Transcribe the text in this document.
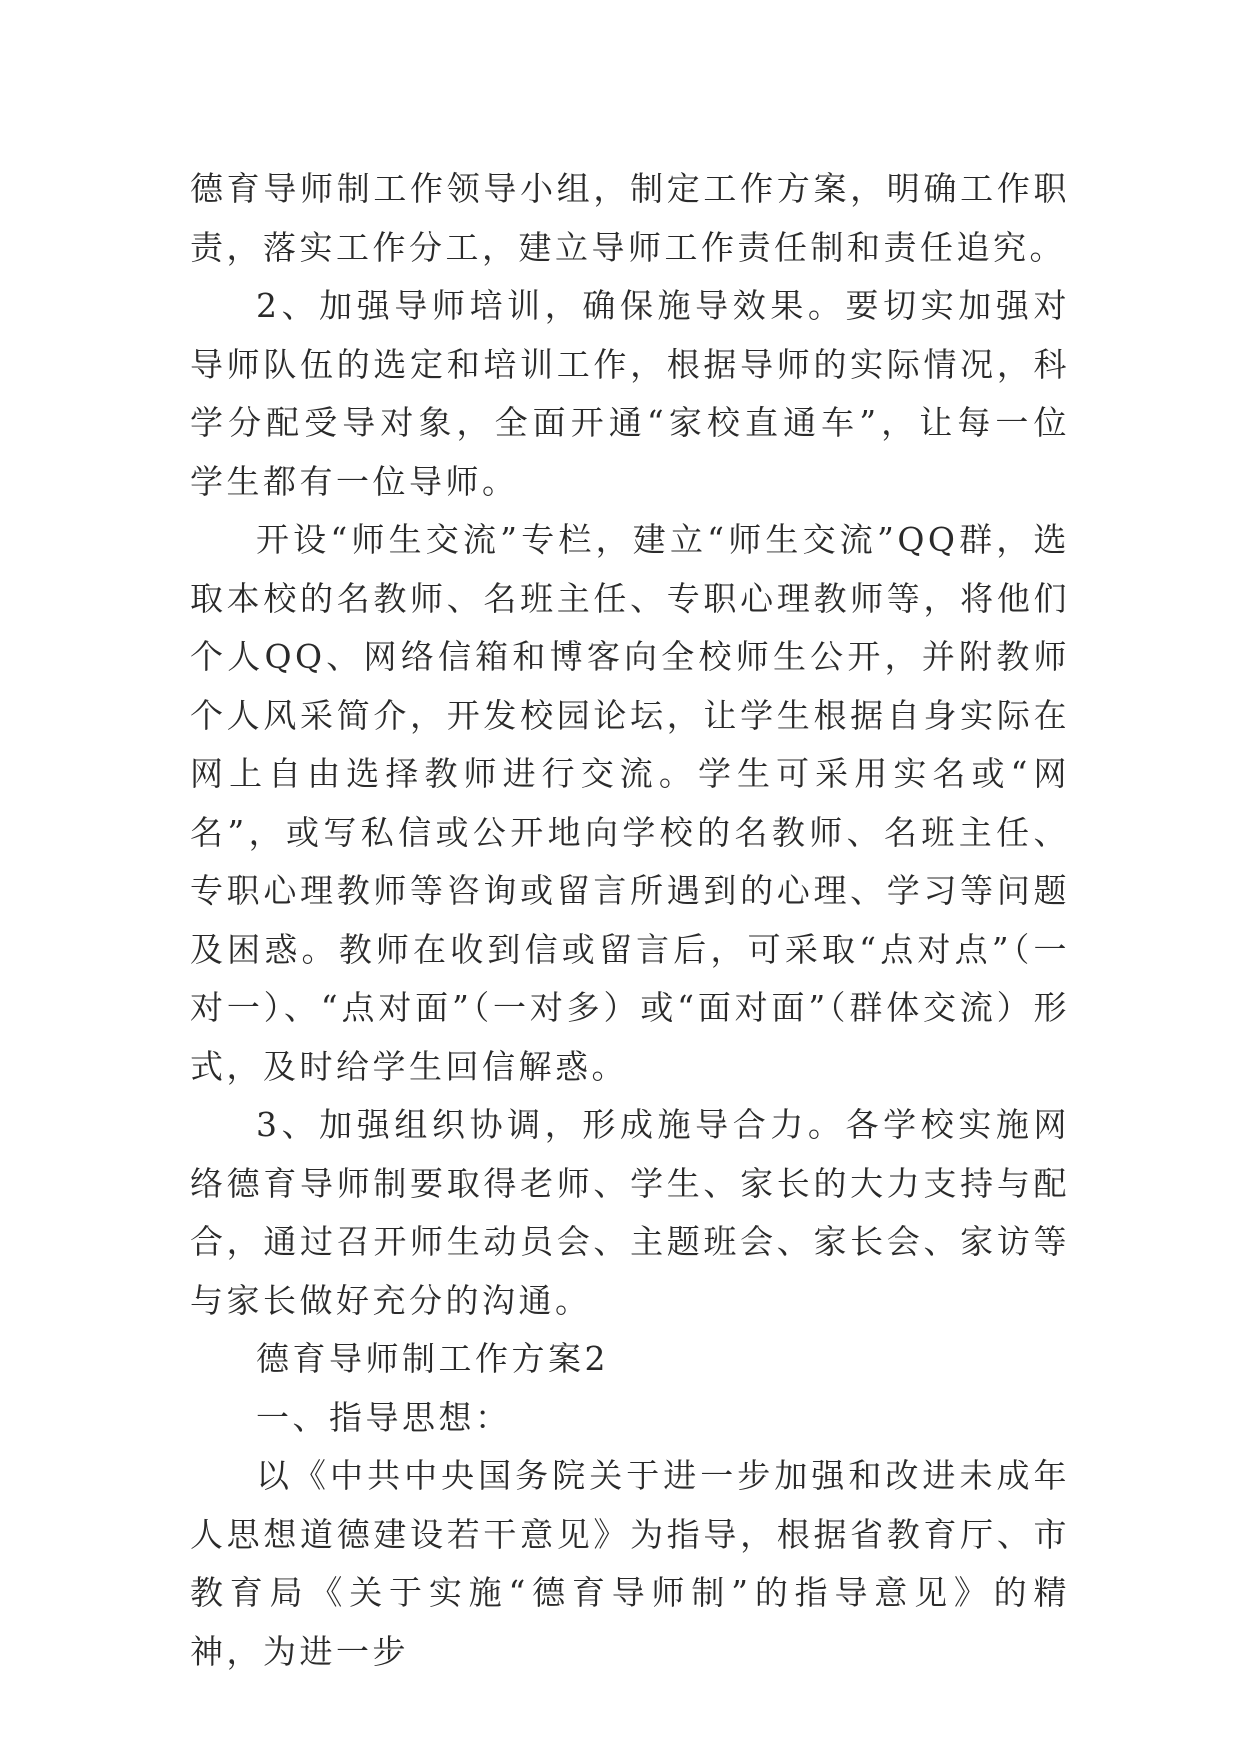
德育导师制工作领导小组，制定工作方案，明确工作职责，落实工作分工，建立导师工作责任制和责任追究。

2、加强导师培训，确保施导效果。要切实加强对导师队伍的选定和培训工作，根据导师的实际情况，科学分配受导对象，全面开通“家校直通车”，让每一位学生都有一位导师。

开设“师生交流”专栏，建立“师生交流”QQ群，选取本校的名教师、名班主任、专职心理教师等，将他们个人QQ、网络信箱和博客向全校师生公开，并附教师个人风采简介，开发校园论坛，让学生根据自身实际在网上自由选择教师进行交流。学生可采用实名或“网名”，或写私信或公开地向学校的名教师、名班主任、专职心理教师等咨询或留言所遇到的心理、学习等问题及困惑。教师在收到信或留言后，可采取“点对点”（一对一）、“点对面”（一对多）或“面对面”（群体交流）形式，及时给学生回信解惑。

3、加强组织协调，形成施导合力。各学校实施网络德育导师制要取得老师、学生、家长的大力支持与配合，通过召开师生动员会、主题班会、家长会、家访等与家长做好充分的沟通。

德育导师制工作方案2

一、指导思想：

以《中共中央国务院关于进一步加强和改进未成年人思想道德建设若干意见》为指导，根据省教育厅、市教育局《关于实施“德育导师制”的指导意见》的精神，为进一步
